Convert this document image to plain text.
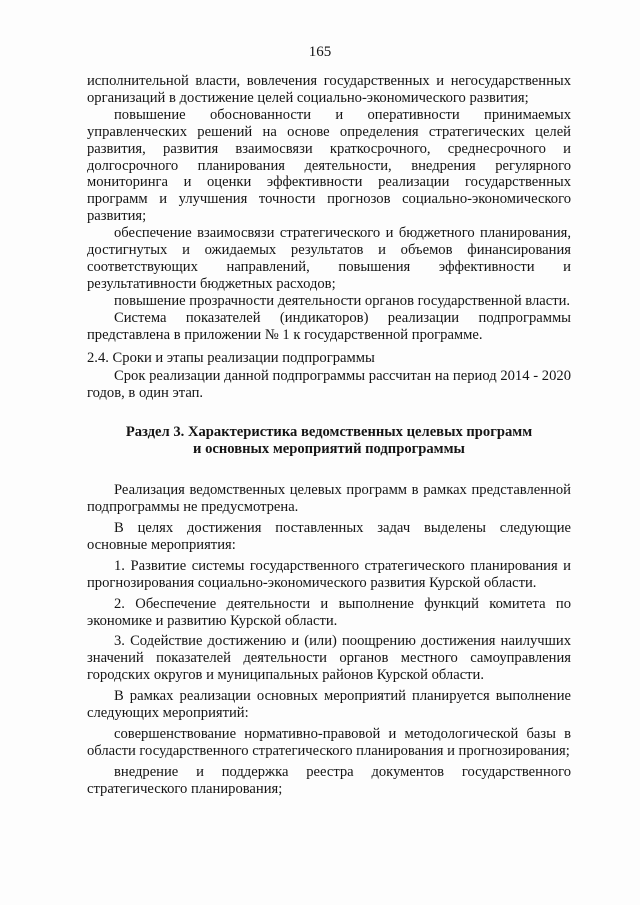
165

исполнительной власти, вовлечения государственных и негосударственных организаций в достижение целей социально-экономического развития;

повышение обоснованности и оперативности принимаемых управленческих решений на основе определения стратегических целей развития, развития взаимосвязи краткосрочного, среднесрочного и долгосрочного планирования деятельности, внедрения регулярного мониторинга и оценки эффективности реализации государственных программ и улучшения точности прогнозов социально-экономического развития;

обеспечение взаимосвязи стратегического и бюджетного планирования, достигнутых и ожидаемых результатов и объемов финансирования соответствующих направлений, повышения эффективности и результативности бюджетных расходов;

повышение прозрачности деятельности органов государственной власти.

Система показателей (индикаторов) реализации подпрограммы представлена в приложении № 1 к государственной программе.

2.4. Сроки и этапы реализации подпрограммы

Срок реализации данной подпрограммы рассчитан на период 2014 - 2020 годов, в один этап.

Раздел 3. Характеристика ведомственных целевых программ
и основных мероприятий подпрограммы

Реализация ведомственных целевых программ в рамках представленной подпрограммы не предусмотрена.

В целях достижения поставленных задач выделены следующие основные мероприятия:

1. Развитие системы государственного стратегического планирования и прогнозирования социально-экономического развития Курской области.

2. Обеспечение деятельности и выполнение функций комитета по экономике и развитию Курской области.

3. Содействие достижению и (или) поощрению достижения наилучших значений показателей деятельности органов местного самоуправления городских округов и муниципальных районов Курской области.

В рамках реализации основных мероприятий планируется выполнение следующих мероприятий:

совершенствование нормативно-правовой и методологической базы в области государственного стратегического планирования и прогнозирования;

внедрение и поддержка реестра документов государственного стратегического планирования;
